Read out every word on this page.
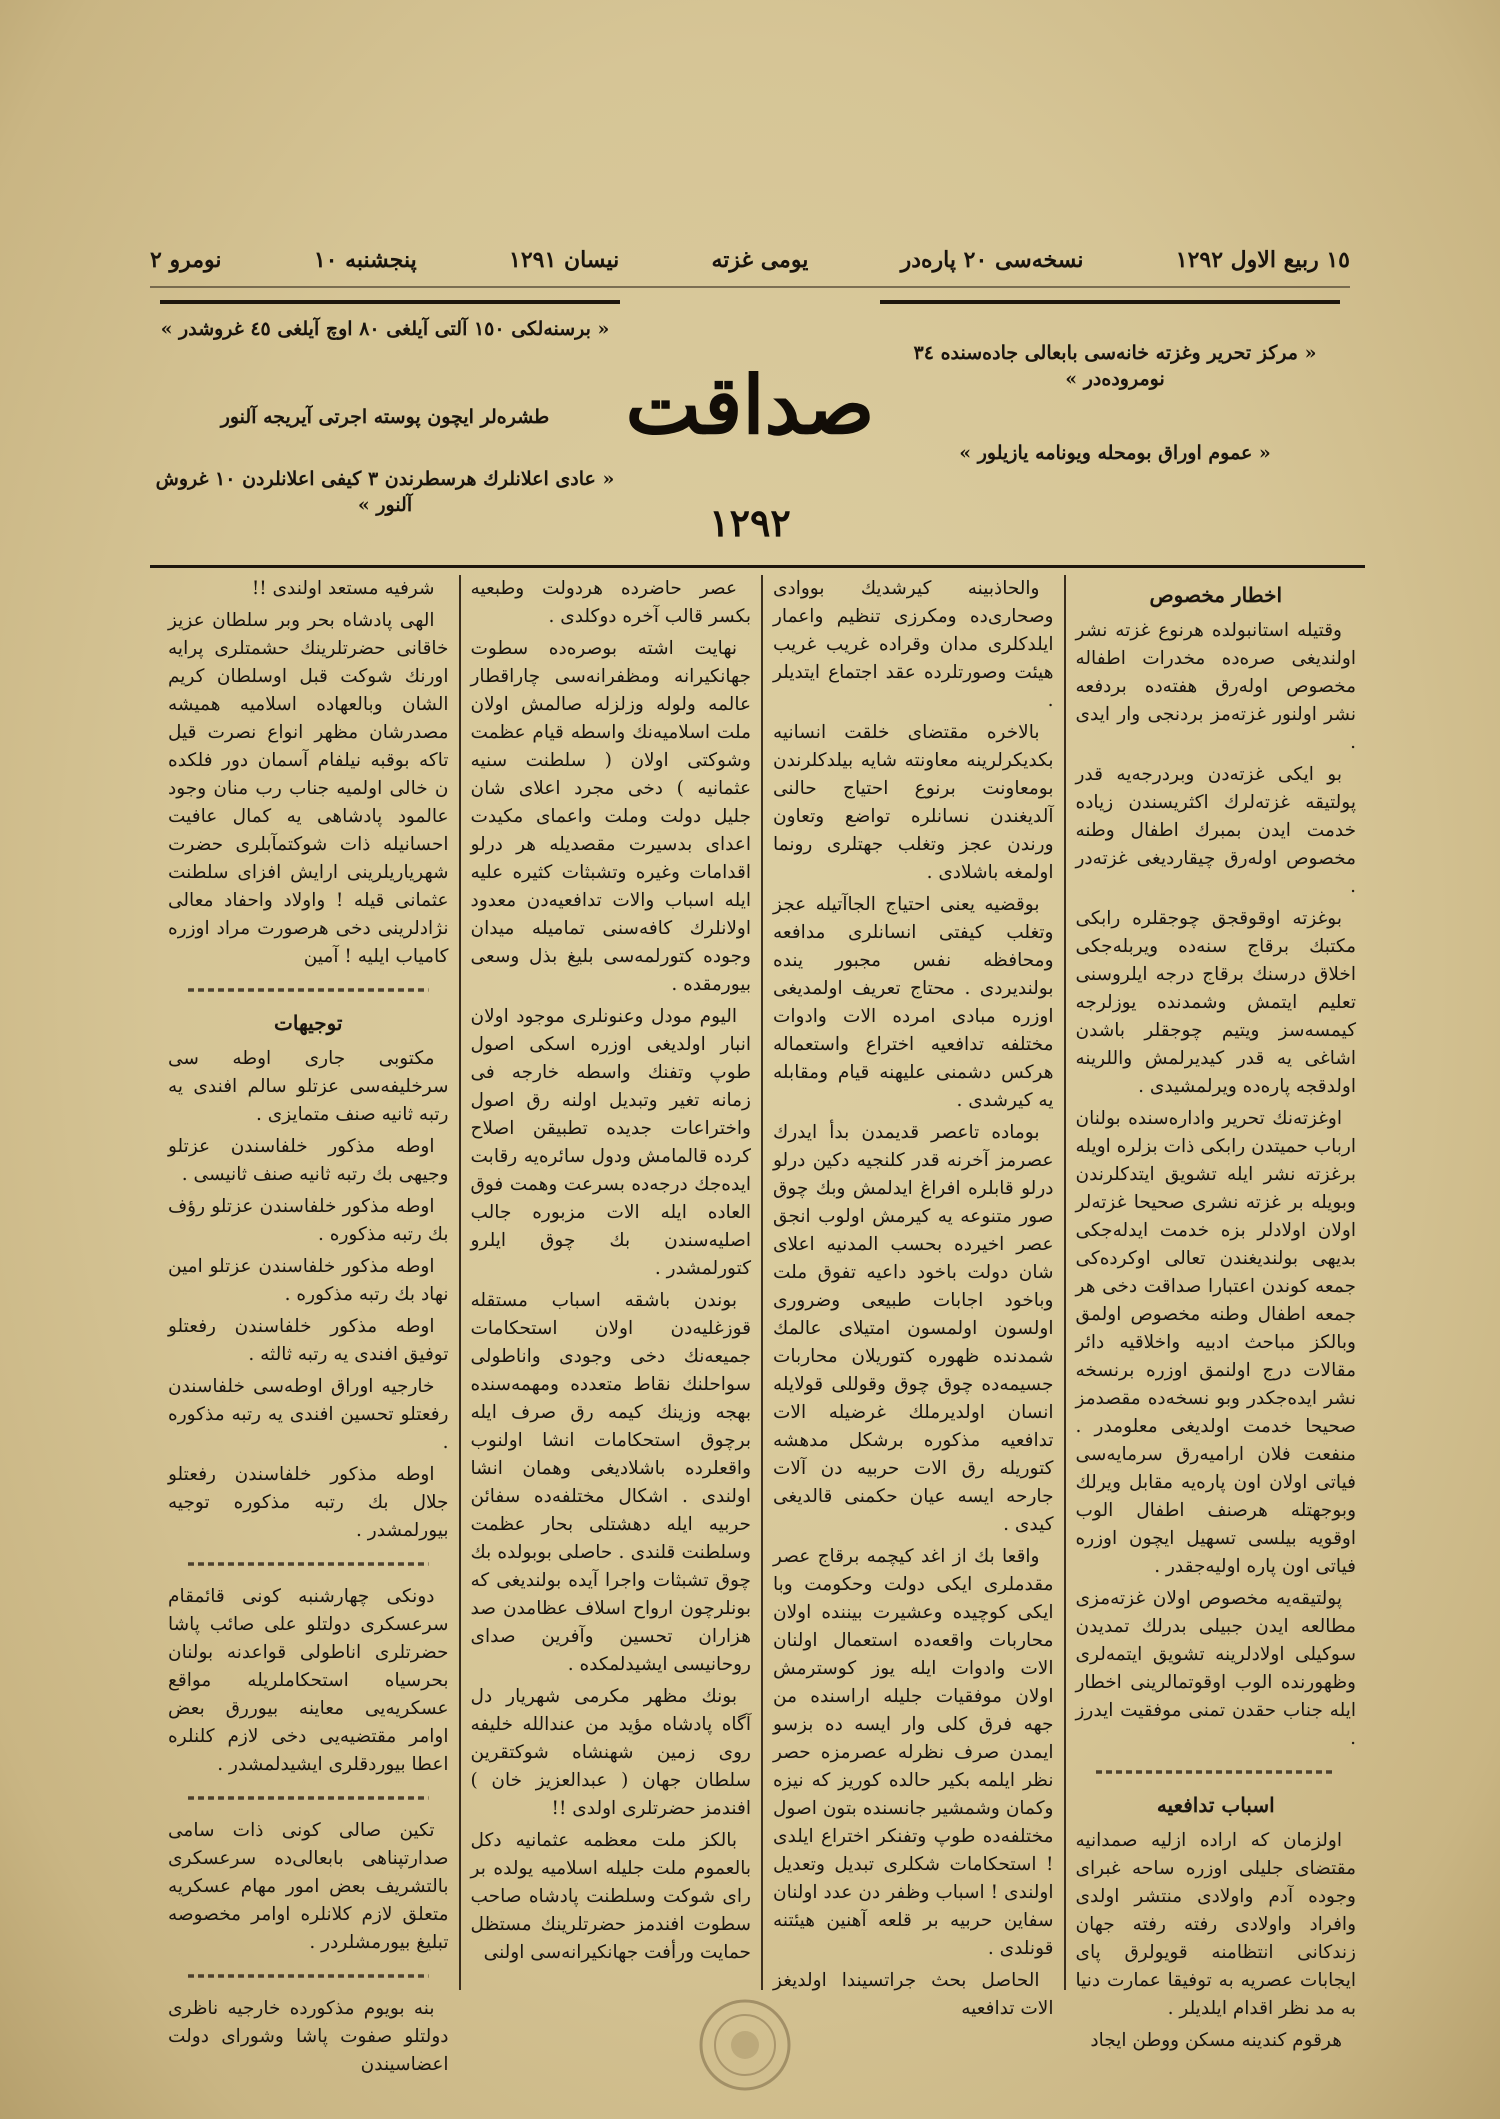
نومرو ٢	پنجشنبه ١٠	نیسان ١٢٩١	یومی غزته	نسخه‌سی ٢٠ پاره‌در	١٥ ربیع الاول ١٢٩٢
« برسنه‌لکی ١٥٠ آلتی آیلغی ٨٠ اوچ آیلغی ٤٥ غروشدر »
طشره‌لر ایچون پوسته اجرتی آیریجه آلنور
« عادی اعلانلرك هرسطرندن ٣ کیفی اعلانلردن ١٠ غروش آلنور »
« مرکز تحریر وغزته خانه‌سی بابعالی جاده‌سنده ٣٤ نومروده‌در »
« عموم اوراق بومحله ویونامه یازیلور »
صداقت
١٢٩٢
اخطار مخصوص

وقتیله استانبولده هرنوع غزته نشر اولندیغی صره‌ده مخدرات اطفاله مخصوص اوله‌رق هفته‌ده بردفعه نشر اولنور غزته‌مز بردنجی وار ایدی .

بو ایکی غزته‌دن وبردرجه‌یه قدر پولتیقه غزته‌لرك اکثریسندن زیاده خدمت ایدن بمبرك اطفال وطنه مخصوص اوله‌رق چیقاردیغی غزته‌در .

بوغزته اوقوقجق چوجقلره رابکی مکتبك برقاج سنه‌ده ویربله‌جکی اخلاق درسنك برقاج درجه ایلروسنی تعلیم ایتمش وشمدنده یوزلرجه کیمسه‌سز ویتیم چوجقلر باشدن اشاغی یه قدر کیدیرلمش واللرینه اولدقجه پاره‌ده ویرلمشیدی .

اوغزته‌نك تحریر واداره‌سنده بولنان ارباب حمیتدن رابکی ذات بزلره اویله برغزته نشر ایله تشویق ایتدکلرندن وبویله بر غزته نشری صحیحا غزته‌لر اولان اولادلر بزه خدمت ایدله‌جکی بدیهی بولندیغندن تعالی اوکرده‌کی جمعه کوندن اعتبارا صداقت دخی هر جمعه اطفال وطنه مخصوص اولمق وبالکز مباحث ادبیه واخلاقیه دائر مقالات درج اولنمق اوزره برنسخه نشر ایده‌جکدر وبو نسخه‌ده مقصدمز صحیحا خدمت اولدیغی معلومدر . منفعت فلان ارامیه‌رق سرمایه‌سی فیاتی اولان اون پاره‌یه مقابل ویرلك وبوجهتله هرصنف اطفال الوب اوقویه بیلسی تسهیل ایچون اوزره فیاتی اون پاره اولیه‌جقدر .

پولتیقه‌یه مخصوص اولان غزته‌مزی مطالعه ایدن جبیلی بدرلك تمدیدن سوکیلی اولادلرینه تشویق ایتمه‌لری وظهورنده الوب اوقوتمالرینی اخطار ایله جناب حقدن تمنی موفقیت ایدرز .

اسباب تدافعیه

اولزمان که اراده ازلیه صمدانیه مقتضای جلیلی اوزره ساحه غبرای وجوده آدم واولادی منتشر اولدی وافراد واولادی رفته رفته جهان زندکانی انتظامنه قویولرق پای ایجابات عصریه به توفیقا عمارت دنیا به مد نظر اقدام ایلدیلر .

هرقوم کندینه مسکن ووطن ایجاد

والحاذبینه کیرشدیك بووادی وصحاری‌ده ومکرزی تنظیم واعمار ایلدکلری مدان وقرا‌ده غریب غریب هیئت وصورتلرده عقد اجتماع ایتدیلر .

بالاخره مقتضای خلقت انسانیه بکدیکرلرینه معاونته شایه بیلدکلرندن بومعاونت برنوع احتیاج حالنی آلدیغندن نسانلره تواضع وتعاون ورندن عجز وتغلب جهتلری رونما اولمغه باشلادی .

بوقضیه یعنی احتیاج الجاآتیله عجز وتغلب کیفتی انسانلری مدافعه ومحافظه نفس مجبور ینده بولندیردی . محتاج تعریف اولمدیغی اوزره مبادی امرده الات وادوات مختلفه تدافعیه اختراع واستعماله هرکس دشمنی علیهنه قیام ومقابله یه کیرشدی .

بوماده تاعصر قدیمدن بدأ ایدرك عصرمز آخرنه قدر کلنجیه دکین درلو درلو قابلره افراغ ایدلمش وبك چوق صور متنوعه یه کیرمش اولوب انجق عصر اخیرده بحسب المدنیه اعلای شان دولت باخود داعیه تفوق ملت وباخود اجابات طبیعی وضروری اولسون اولمسون امتیلای عالمك شمدنده ظهوره کتوریلان محاربات جسیمه‌ده چوق چوق وقوللی قولایله انسان اولدیرملك غرضیله الات تدافعیه مذکوره برشکل مدهشه کتوریله رق الات حربیه دن آلات جارحه ایسه عیان حکمنی قالدیغی کیدی .

واقعا بك از اغد کیچمه برقاج عصر مقدملری ایکی دولت وحکومت وبا ایکی کوچیده وعشیرت بیننده اولان محاربات واقعه‌ده استعمال اولنان الات وادوات ایله یوز کوسترمش اولان موفقیات جلیله اراسنده من جهه فرق کلی وار ایسه ده بزسو ایمدن صرف نظرله عصرمزه حصر نظر ایلمه بکیر حالده کوریز که نیزه وکمان وشمشیر جانسنده بتون اصول مختلفه‌ده طوپ وتفنکر اختراع ایلدی ! استحکامات شکلری تبدیل وتعدیل اولندی ! اسباب وظفر دن عدد اولنان سفاین حربیه بر قلعه آهنین هیئتنه قونلدی .

الحاصل بحث جراتسیندا اولدیغز الات تدافعیه

عصر حاضرده هردولت وطبعیه بکسر قالب آخره دوکلدی .

نهایت اشته بوصره‌ده سطوت جهانکیرانه ومظفرانه‌سی چاراقطار عالمه ولوله وزلزله صالمش اولان ملت اسلامیه‌نك واسطه قیام عظمت وشوکتی اولان ( سلطنت سنیه عثمانیه ) دخی مجرد اعلای شان جلیل دولت وملت واعمای مکیدت اعدای بدسیرت مقصدیله هر درلو اقدامات وغیره وتشبثات کثیره علیه ایله اسباب والات تدافعیه‌دن معدود اولانلرك کافه‌سنی تمامیله میدان وجوده کتورلمه‌سی بلیغ بذل وسعی بیورمقده .

الیوم مودل وعنونلری موجود اولان انبار اولدیغی اوزره اسکی اصول طوپ وتفنك واسطه خارجه فی زمانه تغیر وتبدیل اولنه رق اصول واختراعات جدیده تطبیقن اصلاح کرده قالمامش ودول سائره‌یه رقابت ایده‌جك درجه‌ده بسرعت وهمت فوق العاده ایله الات مزبوره جالب اصلیه‌سندن بك چوق ایلرو کتورلمشدر .

بوندن باشقه اسباب مستقله قوزغلیه‌دن اولان استحکامات جمیعه‌نك دخی وجودی واناطولی سواحلنك نقاط متعدده ومهمه‌سنده بهجه وزینك کیمه رق صرف ایله برچوق استحکامات انشا اولنوب واقعلرده باشلادیغی وهمان انشا اولندی . اشکال مختلفه‌ده سفائن حربیه ایله دهشتلی بحار عظمت وسلطنت قلندی . حاصلی بوبولده بك چوق تشبثات واجرا آیده بولندیغی که بونلرچون ارواح اسلاف عظامدن صد هزاران تحسین وآفرین صدای روحانیسی ایشیدلمکده .

بونك مظهر مکرمی شهریار دل آگاه پادشاه مؤید من عندالله خلیفه روی زمین شهنشاه شوکتقرین سلطان جهان ( عبدالعزیز خان ) افندمز حضرتلری اولدی !!

بالکز ملت معظمه عثمانیه دکل بالعموم ملت جلیله اسلامیه یولده بر رای شوکت وسلطنت پادشاه صاحب سطوت افندمز حضرتلرینك مستظل حمایت ورأفت جهانکیرانه‌سی اولنی

شرفیه مستعد اولندی !!

الهی پادشاه بحر وبر سلطان عزیز خاقانی حضرتلرینك حشمتلری پرایه اورنك شوکت قبل اوسلطان کریم الشان وبالعهاده اسلامیه همیشه مصدرشان مظهر انواع نصرت قیل تاکه بوقبه نیلفام آسمان دور فلکده ن خالی اولمیه جناب رب منان وجود عالمود پادشاهی یه کمال عافیت احسانیله ذات شوکتمآبلری حضرت شهریاریلرینی ارایش افزای سلطنت عثمانی قیله ! واولاد واحفاد معالی نژادلرینی دخی هرصورت مراد اوزره کامیاب ایلیه ! آمین

توجیهات

مکتوبی جاری اوطه سی سرخلیفه‌سی عزتلو سالم افندی یه رتبه ثانیه صنف متمایزی .

اوطه مذکور خلفاسندن عزتلو وجیهی بك رتبه ثانیه صنف ثانیسی .

اوطه مذکور خلفاسندن عزتلو رؤف بك رتبه مذکوره .

اوطه مذکور خلفاسندن عزتلو امین نهاد بك رتبه مذکوره .

اوطه مذکور خلفاسندن رفعتلو توفیق افندی یه رتبه ثالثه .

خارجیه اوراق اوطه‌سی خلفاسندن رفعتلو تحسین افندی یه رتبه مذکوره .

اوطه مذکور خلفاسندن رفعتلو جلال بك رتبه مذکوره توجیه بیورلمشدر .

دونکی چهارشنبه کونی قائمقام سرعسکری دولتلو علی صائب پاشا حضرتلری اناطولی قواعدنه بولنان بحرسیاه استحکاملریله مواقع عسکریه‌یی معاینه بیوررق بعض اوامر مقتضیه‌یی دخی لازم کلنلره اعطا بیوردقلری ایشیدلمشدر .

تکین صالی کونی ذات سامی صدارتپناهی بابعالی‌ده سرعسکری بالتشریف بعض امور مهام عسکریه متعلق لازم کلانلره اوامر مخصوصه تبلیغ بیورمشلردر .

بنه بویوم مذکورده خارجیه ناظری دولتلو صفوت پاشا وشورای دولت اعضاسیندن
